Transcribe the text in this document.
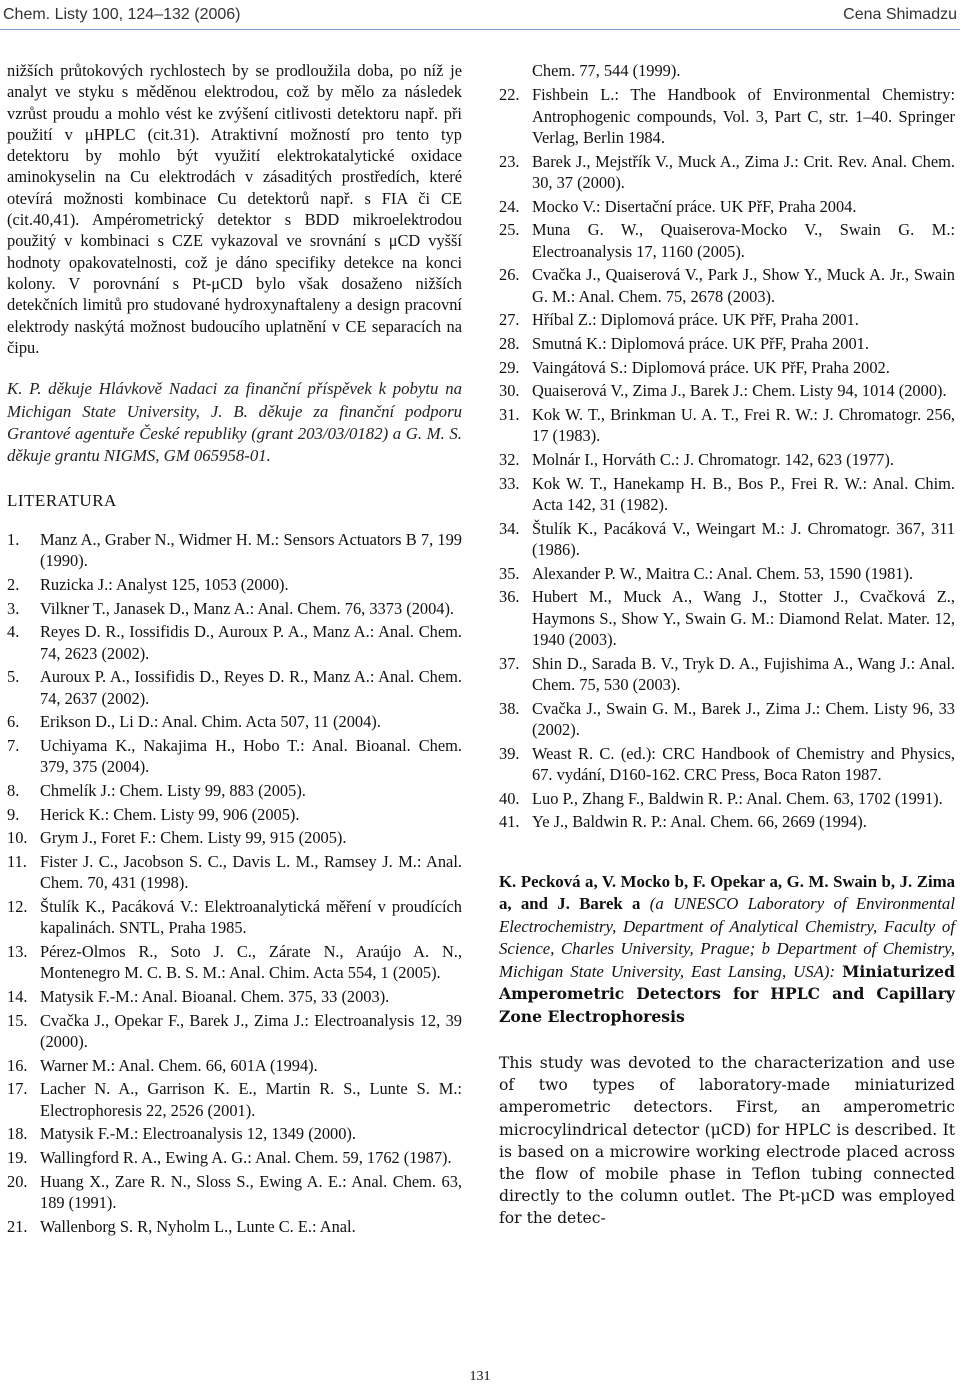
Chem. Listy 100, 124–132 (2006)	Cena Shimadzu

nižších průtokových rychlostech by se prodloužila doba, po níž je analyt ve styku s měděnou elektrodou, což by mělo za následek vzrůst proudu a mohlo vést ke zvýšení citlivosti detektoru např. při použití v μHPLC (cit.31). Atraktivní možností pro tento typ detektoru by mohlo být využití elektrokatalytické oxidace aminokyselin na Cu elektrodách v zásaditých prostředích, které otevírá možnosti kombinace Cu detektorů např. s FIA či CE (cit.40,41). Ampérometrický detektor s BDD mikroelektrodou použitý v kombinaci s CZE vykazoval ve srovnání s μCD vyšší hodnoty opakovatelnosti, což je dáno specifiky detekce na konci kolony. V porovnání s Pt-μCD bylo však dosaženo nižších detekčních limitů pro studované hydroxynaftaleny a design pracovní elektrody naskýtá možnost budoucího uplatnění v CE separacích na čipu.

K. P. děkuje Hlávkově Nadaci za finanční příspěvek k pobytu na Michigan State University, J. B. děkuje za finanční podporu Grantové agentuře České republiky (grant 203/03/0182) a G. M. S. děkuje grantu NIGMS, GM 065958-01.

LITERATURA
1.	Manz A., Graber N., Widmer H. M.: Sensors Actuators B 7, 199 (1990).
2.	Ruzicka J.: Analyst 125, 1053 (2000).
3.	Vilkner T., Janasek D., Manz A.: Anal. Chem. 76, 3373 (2004).
4.	Reyes D. R., Iossifidis D., Auroux P. A., Manz A.: Anal. Chem. 74, 2623 (2002).
5.	Auroux P. A., Iossifidis D., Reyes D. R., Manz A.: Anal. Chem. 74, 2637 (2002).
6.	Erikson D., Li D.: Anal. Chim. Acta 507, 11 (2004).
7.	Uchiyama K., Nakajima H., Hobo T.: Anal. Bioanal. Chem. 379, 375 (2004).
8.	Chmelík J.: Chem. Listy 99, 883 (2005).
9.	Herick K.: Chem. Listy 99, 906 (2005).
10. Grym J., Foret F.: Chem. Listy 99, 915 (2005).
11. Fister J. C., Jacobson S. C., Davis L. M., Ramsey J. M.: Anal. Chem. 70, 431 (1998).
12. Štulík K., Pacáková V.: Elektroanalytická měření v proudících kapalinách. SNTL, Praha 1985.
13. Pérez-Olmos R., Soto J. C., Zárate N., Araújo A. N., Montenegro M. C. B. S. M.: Anal. Chim. Acta 554, 1 (2005).
14. Matysik F.-M.: Anal. Bioanal. Chem. 375, 33 (2003).
15. Cvačka J., Opekar F., Barek J., Zima J.: Electroanalysis 12, 39 (2000).
16. Warner M.: Anal. Chem. 66, 601A (1994).
17. Lacher N. A., Garrison K. E., Martin R. S., Lunte S. M.: Electrophoresis 22, 2526 (2001).
18. Matysik F.-M.: Electroanalysis 12, 1349 (2000).
19. Wallingford R. A., Ewing A. G.: Anal. Chem. 59, 1762 (1987).
20. Huang X., Zare R. N., Sloss S., Ewing A. E.: Anal. Chem. 63, 189 (1991).
21. Wallenborg S. R, Nyholm L., Lunte C. E.: Anal.
Chem. 77, 544 (1999).
22. Fishbein L.: The Handbook of Environmental Chemistry: Antrophogenic compounds, Vol. 3, Part C, str. 1–40. Springer Verlag, Berlin 1984.
23. Barek J., Mejstřík V., Muck A., Zima J.: Crit. Rev. Anal. Chem. 30, 37 (2000).
24. Mocko V.: Disertační práce. UK PřF, Praha 2004.
25. Muna G. W., Quaiserova-Mocko V., Swain G. M.: Electroanalysis 17, 1160 (2005).
26. Cvačka J., Quaiserová V., Park J., Show Y., Muck A. Jr., Swain G. M.: Anal. Chem. 75, 2678 (2003).
27. Hříbal Z.: Diplomová práce. UK PřF, Praha 2001.
28. Smutná K.: Diplomová práce. UK PřF, Praha 2001.
29. Vaingátová S.: Diplomová práce. UK PřF, Praha 2002.
30. Quaiserová V., Zima J., Barek J.: Chem. Listy 94, 1014 (2000).
31. Kok W. T., Brinkman U. A. T., Frei R. W.: J. Chromatogr. 256, 17 (1983).
32. Molnár I., Horváth C.: J. Chromatogr. 142, 623 (1977).
33. Kok W. T., Hanekamp H. B., Bos P., Frei R. W.: Anal. Chim. Acta 142, 31 (1982).
34. Štulík K., Pacáková V., Weingart M.: J. Chromatogr. 367, 311 (1986).
35. Alexander P. W., Maitra C.: Anal. Chem. 53, 1590 (1981).
36. Hubert M., Muck A., Wang J., Stotter J., Cvačková Z., Haymons S., Show Y., Swain G. M.: Diamond Relat. Mater. 12, 1940 (2003).
37. Shin D., Sarada B. V., Tryk D. A., Fujishima A., Wang J.: Anal. Chem. 75, 530 (2003).
38. Cvačka J., Swain G. M., Barek J., Zima J.: Chem. Listy 96, 33 (2002).
39. Weast R. C. (ed.): CRC Handbook of Chemistry and Physics, 67. vydání, D160-162. CRC Press, Boca Raton 1987.
40. Luo P., Zhang F., Baldwin R. P.: Anal. Chem. 63, 1702 (1991).
41. Ye J., Baldwin R. P.: Anal. Chem. 66, 2669 (1994).

K. Pecková a, V. Mocko b, F. Opekar a, G. M. Swain b, J. Zima a, and J. Barek a (a UNESCO Laboratory of Environmental Electrochemistry, Department of Analytical Chemistry, Faculty of Science, Charles University, Prague; b Department of Chemistry, Michigan State University, East Lansing, USA): Miniaturized Amperometric Detectors for HPLC and Capillary Zone Electrophoresis

This study was devoted to the characterization and use of two types of laboratory-made miniaturized amperometric detectors. First, an amperometric microcylindrical detector (μCD) for HPLC is described. It is based on a microwire working electrode placed across the flow of mobile phase in Teflon tubing connected directly to the column outlet. The Pt-μCD was employed for the detec-

131
